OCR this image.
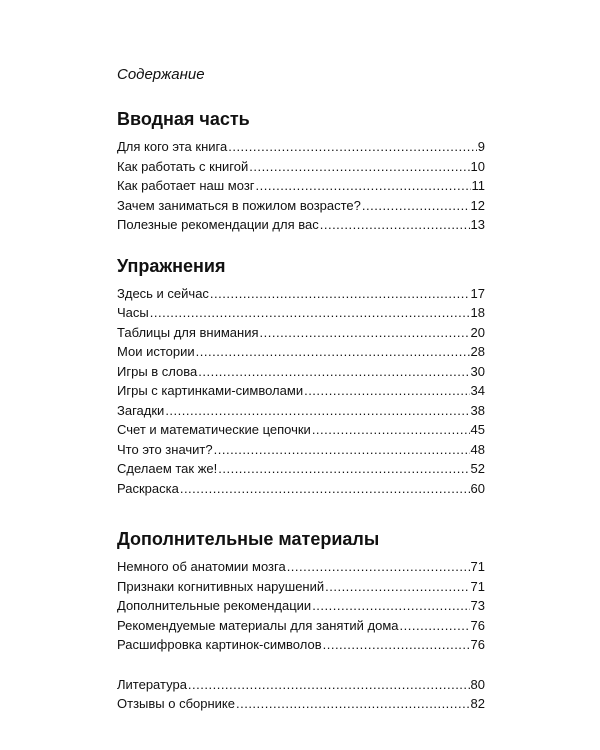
Содержание
Вводная часть
Для кого эта книга .....	9
Как работать с книгой .....	10
Как работает наш мозг .....	11
Зачем заниматься в пожилом возрасте? .....	12
Полезные рекомендации для вас .....	13
Упражнения
Здесь и сейчас .....	17
Часы .....	18
Таблицы для внимания .....	20
Мои истории .....	28
Игры в слова .....	30
Игры с картинками-символами .....	34
Загадки .....	38
Счет и математические цепочки .....	45
Что это значит? .....	48
Сделаем так же! .....	52
Раскраска .....	60
Дополнительные материалы
Немного об анатомии мозга .....	71
Признаки когнитивных нарушений .....	71
Дополнительные рекомендации .....	73
Рекомендуемые материалы для занятий дома .....	76
Расшифровка картинок-символов .....	76
Литература .....	80
Отзывы о сборнике .....	82
